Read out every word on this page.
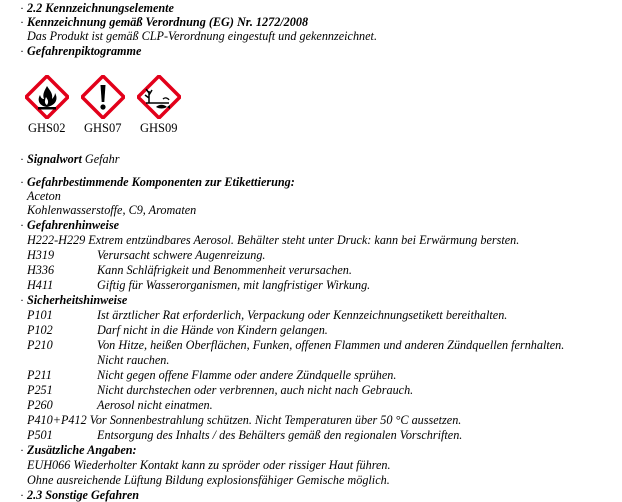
· 2.2 Kennzeichnungselemente
· Kennzeichnung gemäß Verordnung (EG) Nr. 1272/2008
Das Produkt ist gemäß CLP-Verordnung eingestuft und gekennzeichnet.
· Gefahrenpiktogramme
GHS02 GHS07 GHS09
· Signalwort Gefahr
· Gefahrbestimmende Komponenten zur Etikettierung:
Aceton
Kohlenwasserstoffe, C9, Aromaten
· Gefahrenhinweise
H222-H229 Extrem entzündbares Aerosol. Behälter steht unter Druck: kann bei Erwärmung bersten.
H319	Verursacht schwere Augenreizung.
H336	Kann Schläfrigkeit und Benommenheit verursachen.
H411	Giftig für Wasserorganismen, mit langfristiger Wirkung.
· Sicherheitshinweise
P101	Ist ärztlicher Rat erforderlich, Verpackung oder Kennzeichnungsetikett bereithalten.
P102	Darf nicht in die Hände von Kindern gelangen.
P210	Von Hitze, heißen Oberflächen, Funken, offenen Flammen und anderen Zündquellen fernhalten.
Nicht rauchen.
P211	Nicht gegen offene Flamme oder andere Zündquelle sprühen.
P251	Nicht durchstechen oder verbrennen, auch nicht nach Gebrauch.
P260	Aerosol nicht einatmen.
P410+P412 Vor Sonnenbestrahlung schützen. Nicht Temperaturen über 50 °C aussetzen.
P501	Entsorgung des Inhalts / des Behälters gemäß den regionalen Vorschriften.
· Zusätzliche Angaben:
EUH066 Wiederholter Kontakt kann zu spröder oder rissiger Haut führen.
Ohne ausreichende Lüftung Bildung explosionsfähiger Gemische möglich.
· 2.3 Sonstige Gefahren
